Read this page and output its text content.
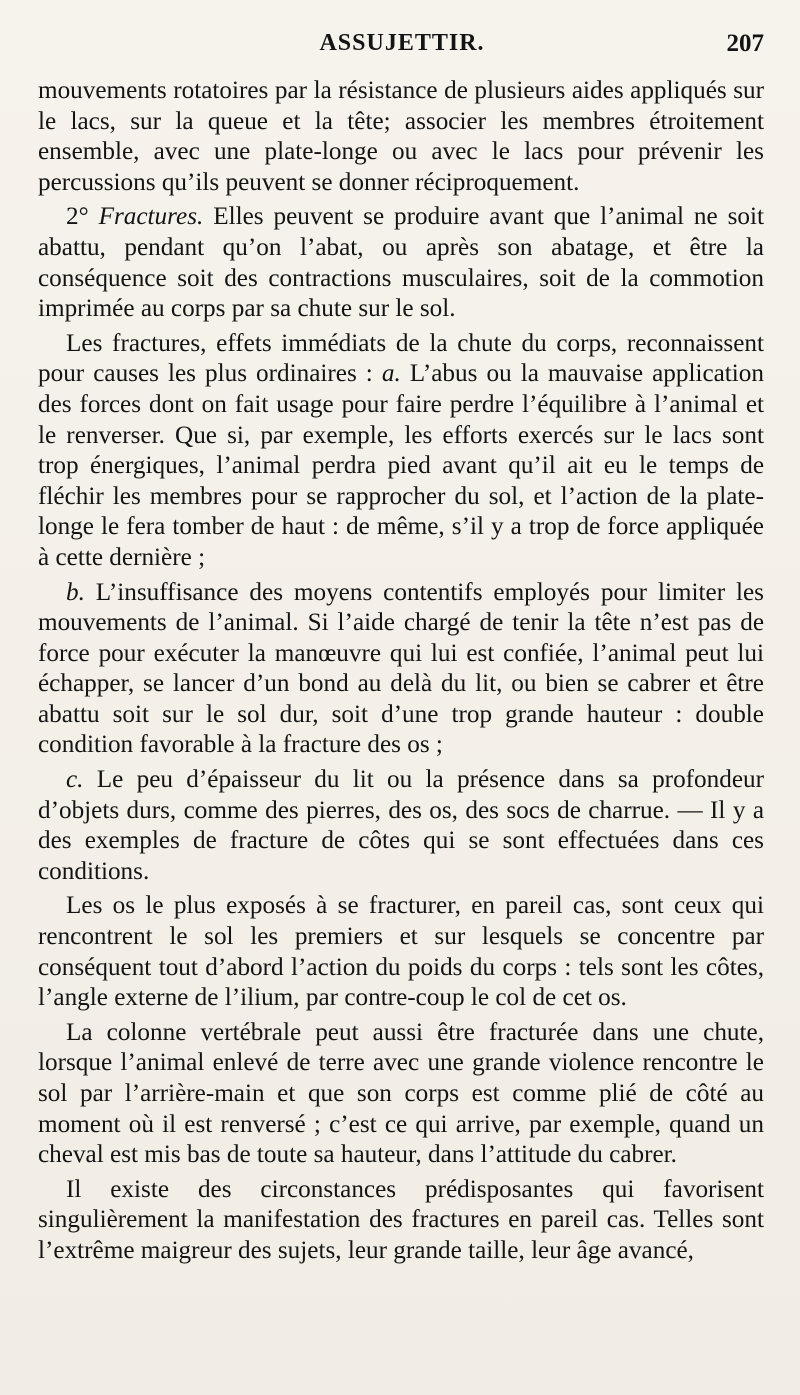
ASSUJETTIR.	207

mouvements rotatoires par la résistance de plusieurs aides appliqués sur le lacs, sur la queue et la tête; associer les membres étroitement ensemble, avec une plate-longe ou avec le lacs pour prévenir les percussions qu’ils peuvent se donner réciproquement.

2° Fractures. Elles peuvent se produire avant que l’animal ne soit abattu, pendant qu’on l’abat, ou après son abatage, et être la conséquence soit des contractions musculaires, soit de la commotion imprimée au corps par sa chute sur le sol.

Les fractures, effets immédiats de la chute du corps, reconnaissent pour causes les plus ordinaires : a. L’abus ou la mauvaise application des forces dont on fait usage pour faire perdre l’équilibre à l’animal et le renverser. Que si, par exemple, les efforts exercés sur le lacs sont trop énergiques, l’animal perdra pied avant qu’il ait eu le temps de fléchir les membres pour se rapprocher du sol, et l’action de la plate-longe le fera tomber de haut : de même, s’il y a trop de force appliquée à cette dernière ;

b. L’insuffisance des moyens contentifs employés pour limiter les mouvements de l’animal. Si l’aide chargé de tenir la tête n’est pas de force pour exécuter la manœuvre qui lui est confiée, l’animal peut lui échapper, se lancer d’un bond au delà du lit, ou bien se cabrer et être abattu soit sur le sol dur, soit d’une trop grande hauteur : double condition favorable à la fracture des os ;

c. Le peu d’épaisseur du lit ou la présence dans sa profondeur d’objets durs, comme des pierres, des os, des socs de charrue. — Il y a des exemples de fracture de côtes qui se sont effectuées dans ces conditions.

Les os le plus exposés à se fracturer, en pareil cas, sont ceux qui rencontrent le sol les premiers et sur lesquels se concentre par conséquent tout d’abord l’action du poids du corps : tels sont les côtes, l’angle externe de l’ilium, par contre-coup le col de cet os.

La colonne vertébrale peut aussi être fracturée dans une chute, lorsque l’animal enlevé de terre avec une grande violence rencontre le sol par l’arrière-main et que son corps est comme plié de côté au moment où il est renversé ; c’est ce qui arrive, par exemple, quand un cheval est mis bas de toute sa hauteur, dans l’attitude du cabrer.

Il existe des circonstances prédisposantes qui favorisent singulièrement la manifestation des fractures en pareil cas. Telles sont l’extrême maigreur des sujets, leur grande taille, leur âge avancé,
